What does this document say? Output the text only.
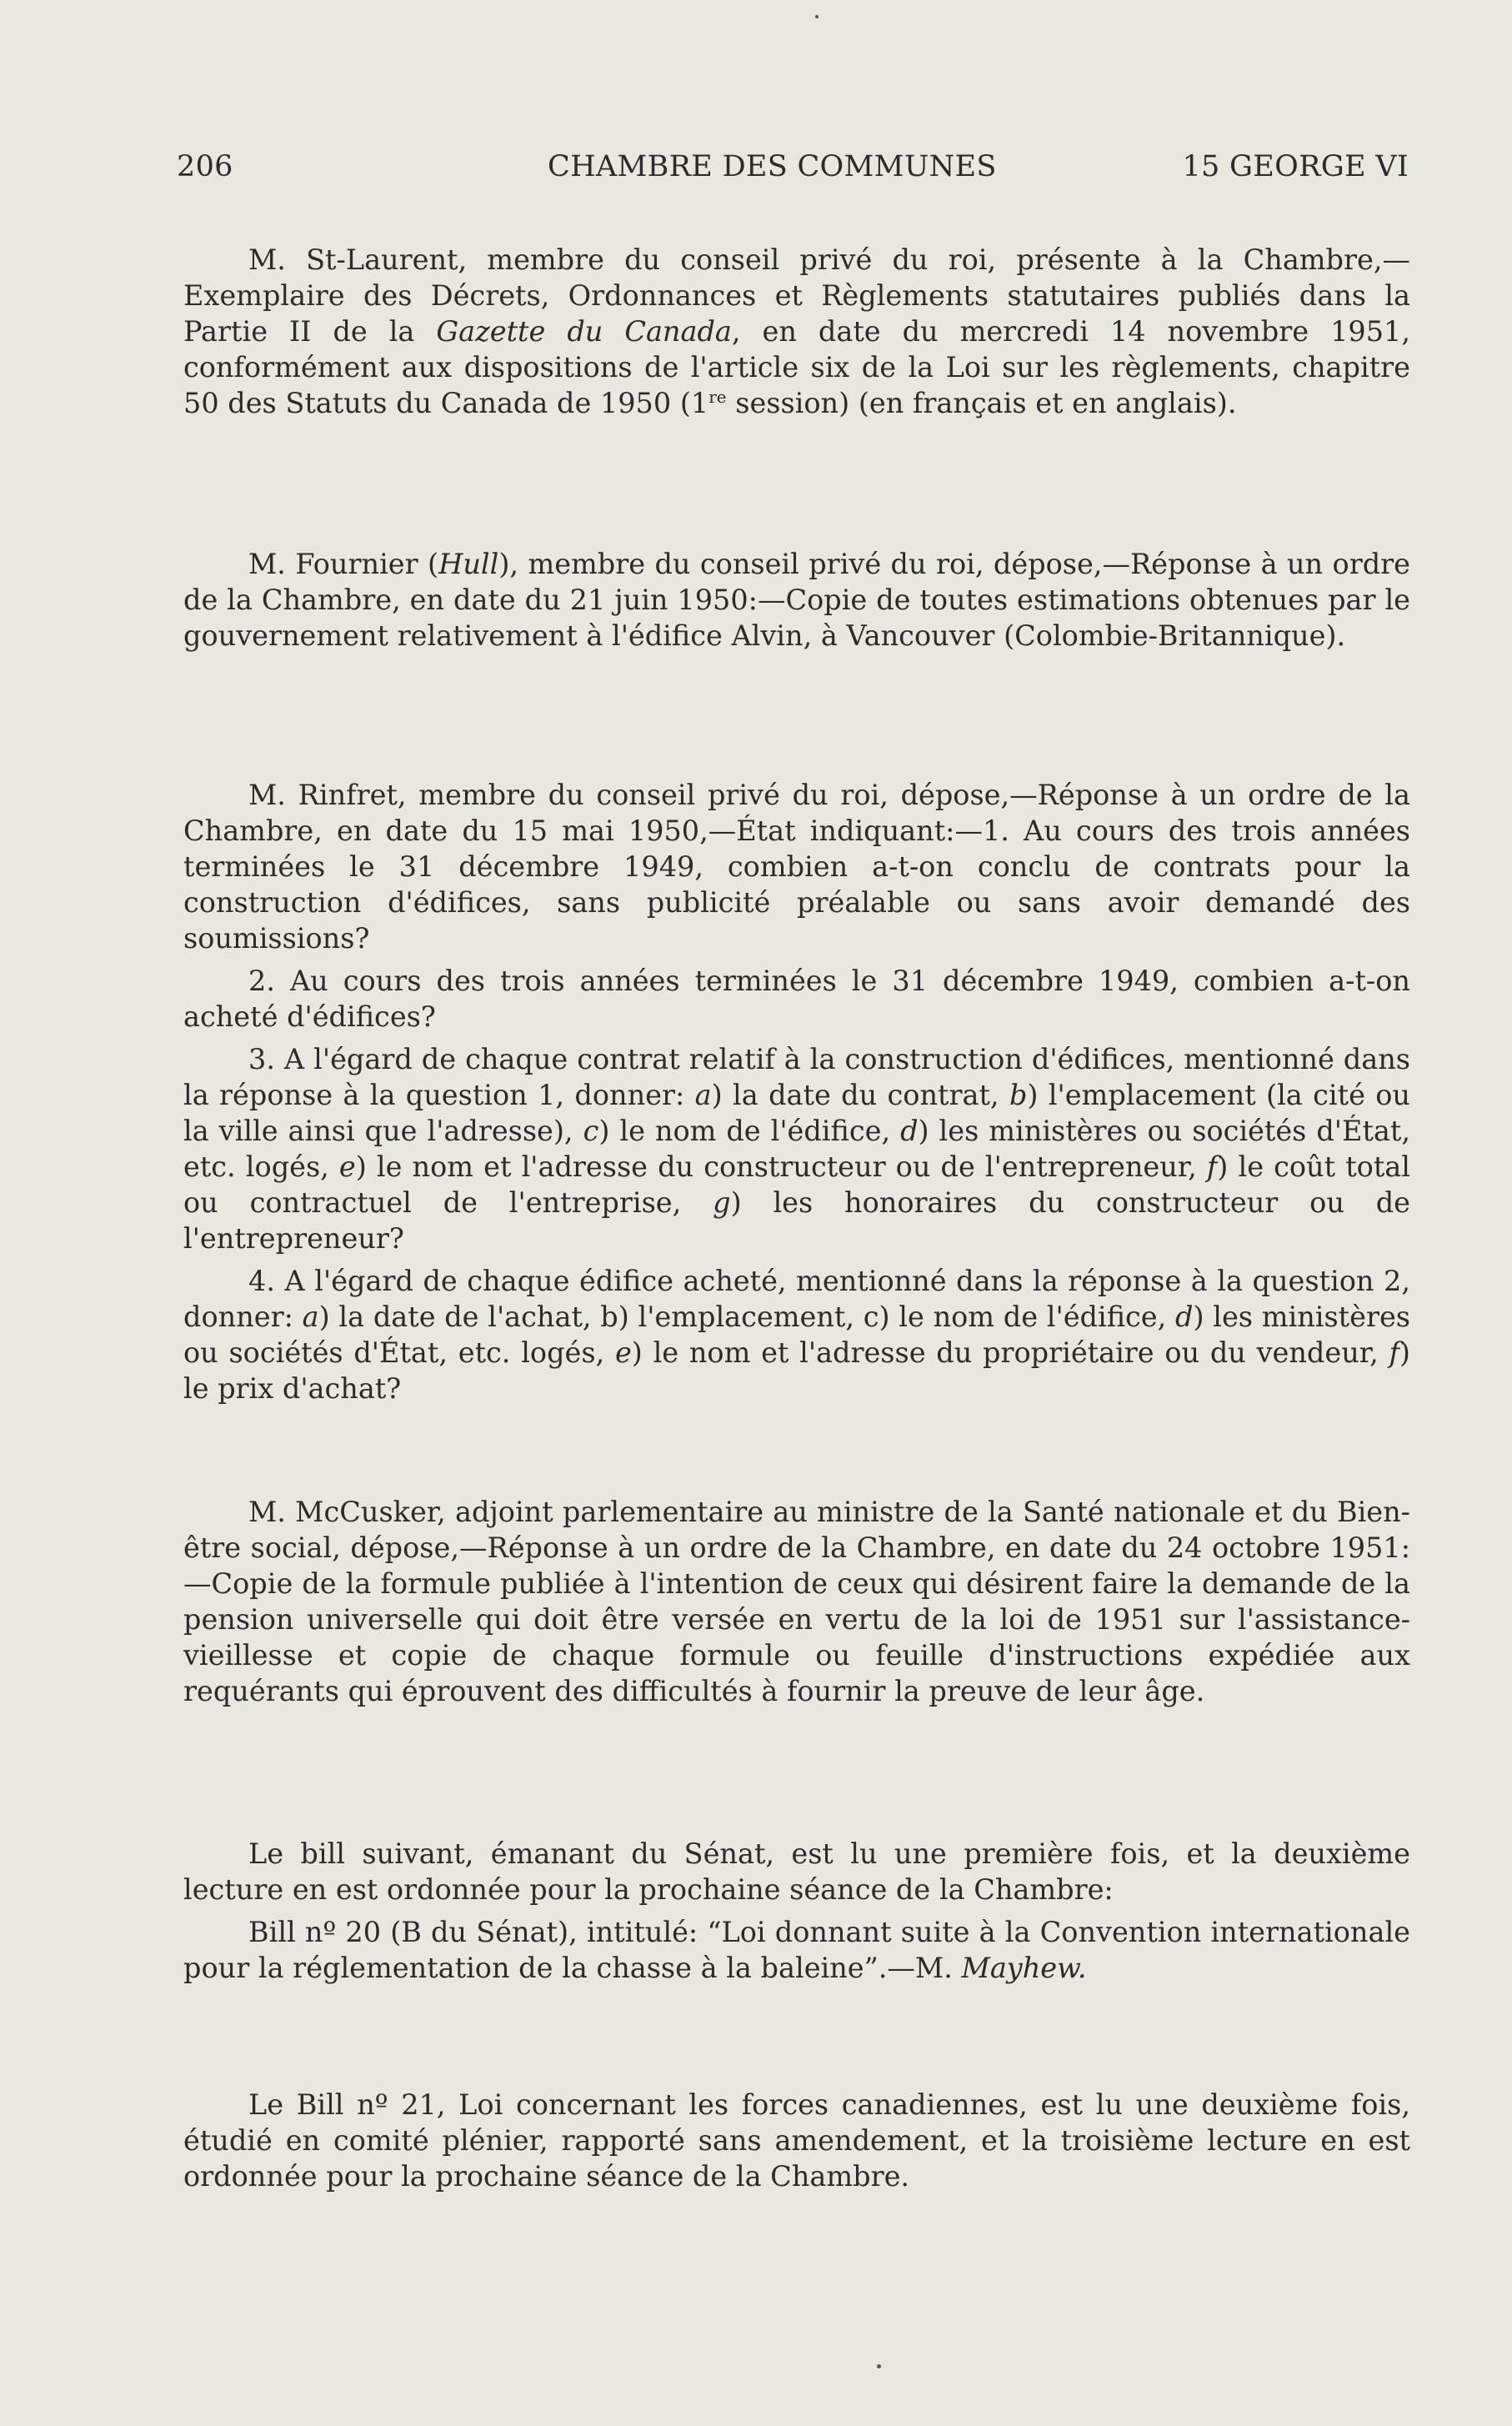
206	CHAMBRE DES COMMUNES	15 GEORGE VI

M. St-Laurent, membre du conseil privé du roi, présente à la Chambre,—Exemplaire des Décrets, Ordonnances et Règlements statutaires publiés dans la Partie II de la Gazette du Canada, en date du mercredi 14 novembre 1951, conformément aux dispositions de l'article six de la Loi sur les règlements, chapitre 50 des Statuts du Canada de 1950 (1re session) (en français et en anglais).

M. Fournier (Hull), membre du conseil privé du roi, dépose,—Réponse à un ordre de la Chambre, en date du 21 juin 1950:—Copie de toutes estimations obtenues par le gouvernement relativement à l'édifice Alvin, à Vancouver (Colombie-Britannique).

M. Rinfret, membre du conseil privé du roi, dépose,—Réponse à un ordre de la Chambre, en date du 15 mai 1950,—État indiquant:—1. Au cours des trois années terminées le 31 décembre 1949, combien a-t-on conclu de contrats pour la construction d'édifices, sans publicité préalable ou sans avoir demandé des soumissions?

2. Au cours des trois années terminées le 31 décembre 1949, combien a-t-on acheté d'édifices?

3. A l'égard de chaque contrat relatif à la construction d'édifices, mentionné dans la réponse à la question 1, donner: a) la date du contrat, b) l'emplacement (la cité ou la ville ainsi que l'adresse), c) le nom de l'édifice, d) les ministères ou sociétés d'État, etc. logés, e) le nom et l'adresse du constructeur ou de l'entrepreneur, f) le coût total ou contractuel de l'entreprise, g) les honoraires du constructeur ou de l'entrepreneur?

4. A l'égard de chaque édifice acheté, mentionné dans la réponse à la question 2, donner: a) la date de l'achat, b) l'emplacement, c) le nom de l'édifice, d) les ministères ou sociétés d'État, etc. logés, e) le nom et l'adresse du propriétaire ou du vendeur, f) le prix d'achat?

M. McCusker, adjoint parlementaire au ministre de la Santé nationale et du Bien-être social, dépose,—Réponse à un ordre de la Chambre, en date du 24 octobre 1951:—Copie de la formule publiée à l'intention de ceux qui désirent faire la demande de la pension universelle qui doit être versée en vertu de la loi de 1951 sur l'assistance-vieillesse et copie de chaque formule ou feuille d'instructions expédiée aux requérants qui éprouvent des difficultés à fournir la preuve de leur âge.

Le bill suivant, émanant du Sénat, est lu une première fois, et la deuxième lecture en est ordonnée pour la prochaine séance de la Chambre:

Bill nº 20 (B du Sénat), intitulé: “Loi donnant suite à la Convention internationale pour la réglementation de la chasse à la baleine”.—M. Mayhew.

Le Bill nº 21, Loi concernant les forces canadiennes, est lu une deuxième fois, étudié en comité plénier, rapporté sans amendement, et la troisième lecture en est ordonnée pour la prochaine séance de la Chambre.
